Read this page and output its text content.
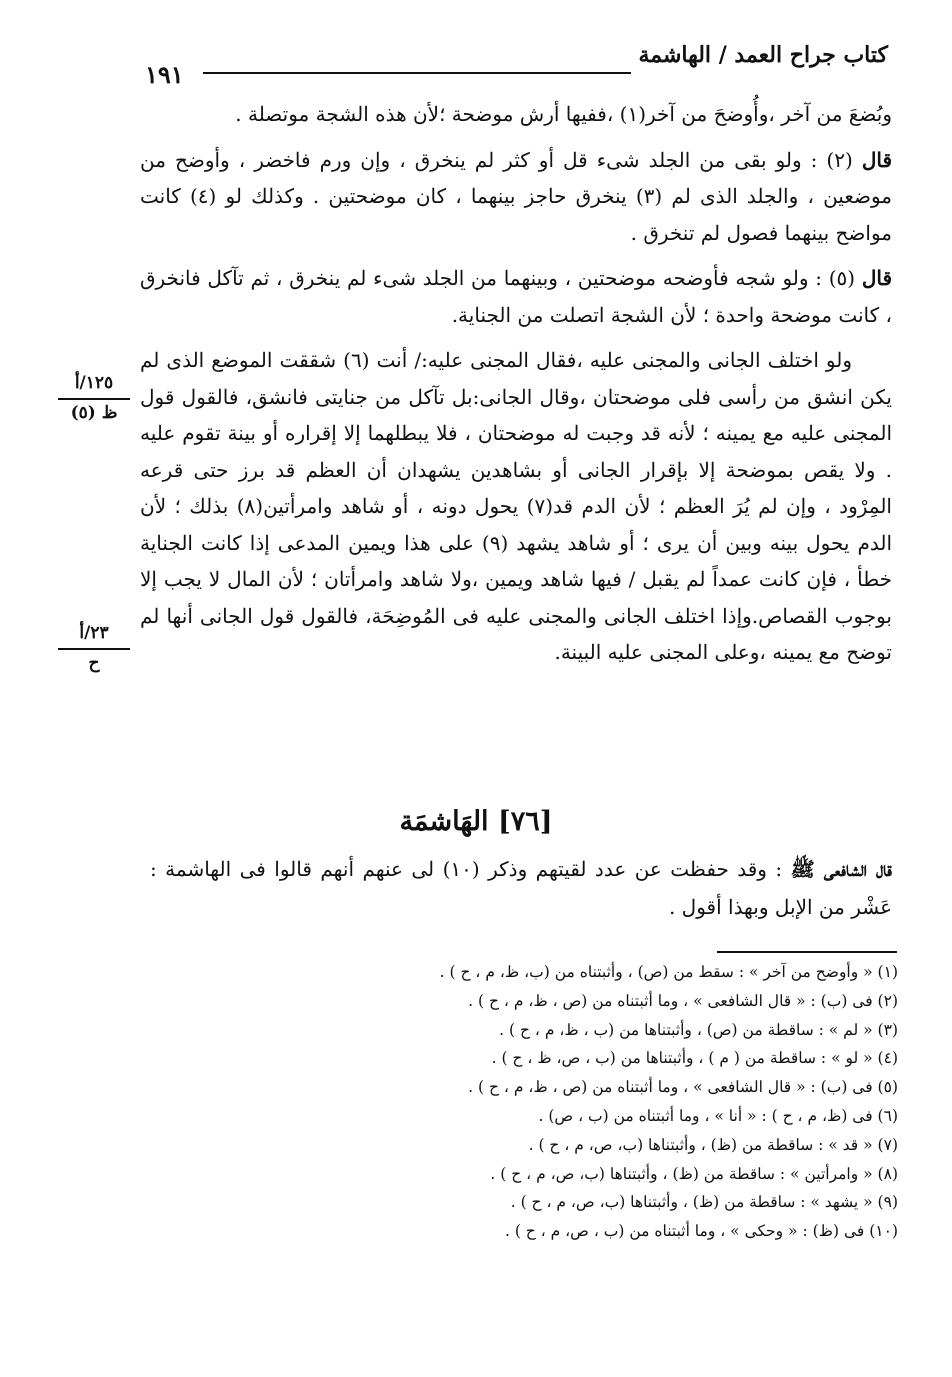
كتاب جراح العمد / الهاشمة
١٩١

وبُضعَ من آخر ،وأُوضحَ من آخر(١) ،ففيها أرش موضحة ؛لأن هذه الشجة موتصلة .

قال (٢) : ولو بقى من الجلد شىء قل أو كثر لم ينخرق ، وإن ورم فاخضر ، وأوضح من موضعين ، والجلد الذى لم (٣) ينخرق حاجز بينهما ، كان موضحتين . وكذلك لو (٤) كانت مواضح بينهما فصول لم تنخرق .

قال (٥) : ولو شجه فأوضحه موضحتين ، وبينهما من الجلد شىء لم ينخرق ، ثم تآكل فانخرق ، كانت موضحة واحدة ؛ لأن الشجة اتصلت من الجناية.

ولو اختلف الجانى والمجنى عليه ،فقال المجنى عليه:/ أنت (٦) شققت الموضع الذى لم يكن انشق من رأسى فلى موضحتان ،وقال الجانى:بل تآكل من جنايتى فانشق، فالقول قول المجنى عليه مع يمينه ؛ لأنه قد وجبت له موضحتان ، فلا يبطلهما إلا إقراره أو بينة تقوم عليه . ولا يقص بموضحة إلا بإقرار الجانى أو بشاهدين يشهدان أن العظم قد برز حتى قرعه المِرْود ، وإن لم يُرَ العظم ؛ لأن الدم قد(٧) يحول دونه ، أو شاهد وامرأتين(٨) بذلك ؛ لأن الدم يحول بينه وبين أن يرى ؛ أو شاهد يشهد (٩) على هذا ويمين المدعى إذا كانت الجناية خطأ ، فإن كانت عمداً لم يقبل / فيها شاهد ويمين ،ولا شاهد وامرأتان ؛ لأن المال لا يجب إلا بوجوب القصاص.وإذا اختلف الجانى والمجنى عليه فى المُوضِحَة، فالقول قول الجانى أنها لم توضح مع يمينه ،وعلى المجنى عليه البينة.

١٢٥/أ
ظ (٥)
٢٣/أ
ح
[٧٦] الهَاشمَة
قال الشافعى ﷺ : وقد حفظت عن عدد لقيتهم وذكر (١٠) لى عنهم أنهم قالوا فى الهاشمة : عَشْر من الإبل وبهذا أقول .

(١) « وأوضح من آخر » : سقط من (ص) ، وأثبتناه من (ب، ظ، م ، ح ) .

(٢) فى (ب) : « قال الشافعى » ، وما أثبتناه من (ص ، ظ، م ، ح ) .

(٣) « لم » : ساقطة من (ص) ، وأثبتناها من (ب ، ظ، م ، ح ) .

(٤) « لو » : ساقطة من ( م ) ، وأثبتناها من (ب ، ص، ظ ، ح ) .

(٥) فى (ب) : « قال الشافعى » ، وما أثبتناه من (ص ، ظ، م ، ح ) .

(٦) فى (ظ، م ، ح ) : « أنا » ، وما أثبتناه من (ب ، ص) .

(٧) « قد » : ساقطة من (ظ) ، وأثبتناها (ب، ص، م ، ح ) .

(٨) « وامرأتين » : ساقطة من (ظ) ، وأثبتناها (ب، ص، م ، ح ) .

(٩) « يشهد » : ساقطة من (ظ) ، وأثبتناها (ب، ص، م ، ح ) .

(١٠) فى (ظ) : « وحكى » ، وما أثبتناه من (ب ، ص، م ، ح ) .
